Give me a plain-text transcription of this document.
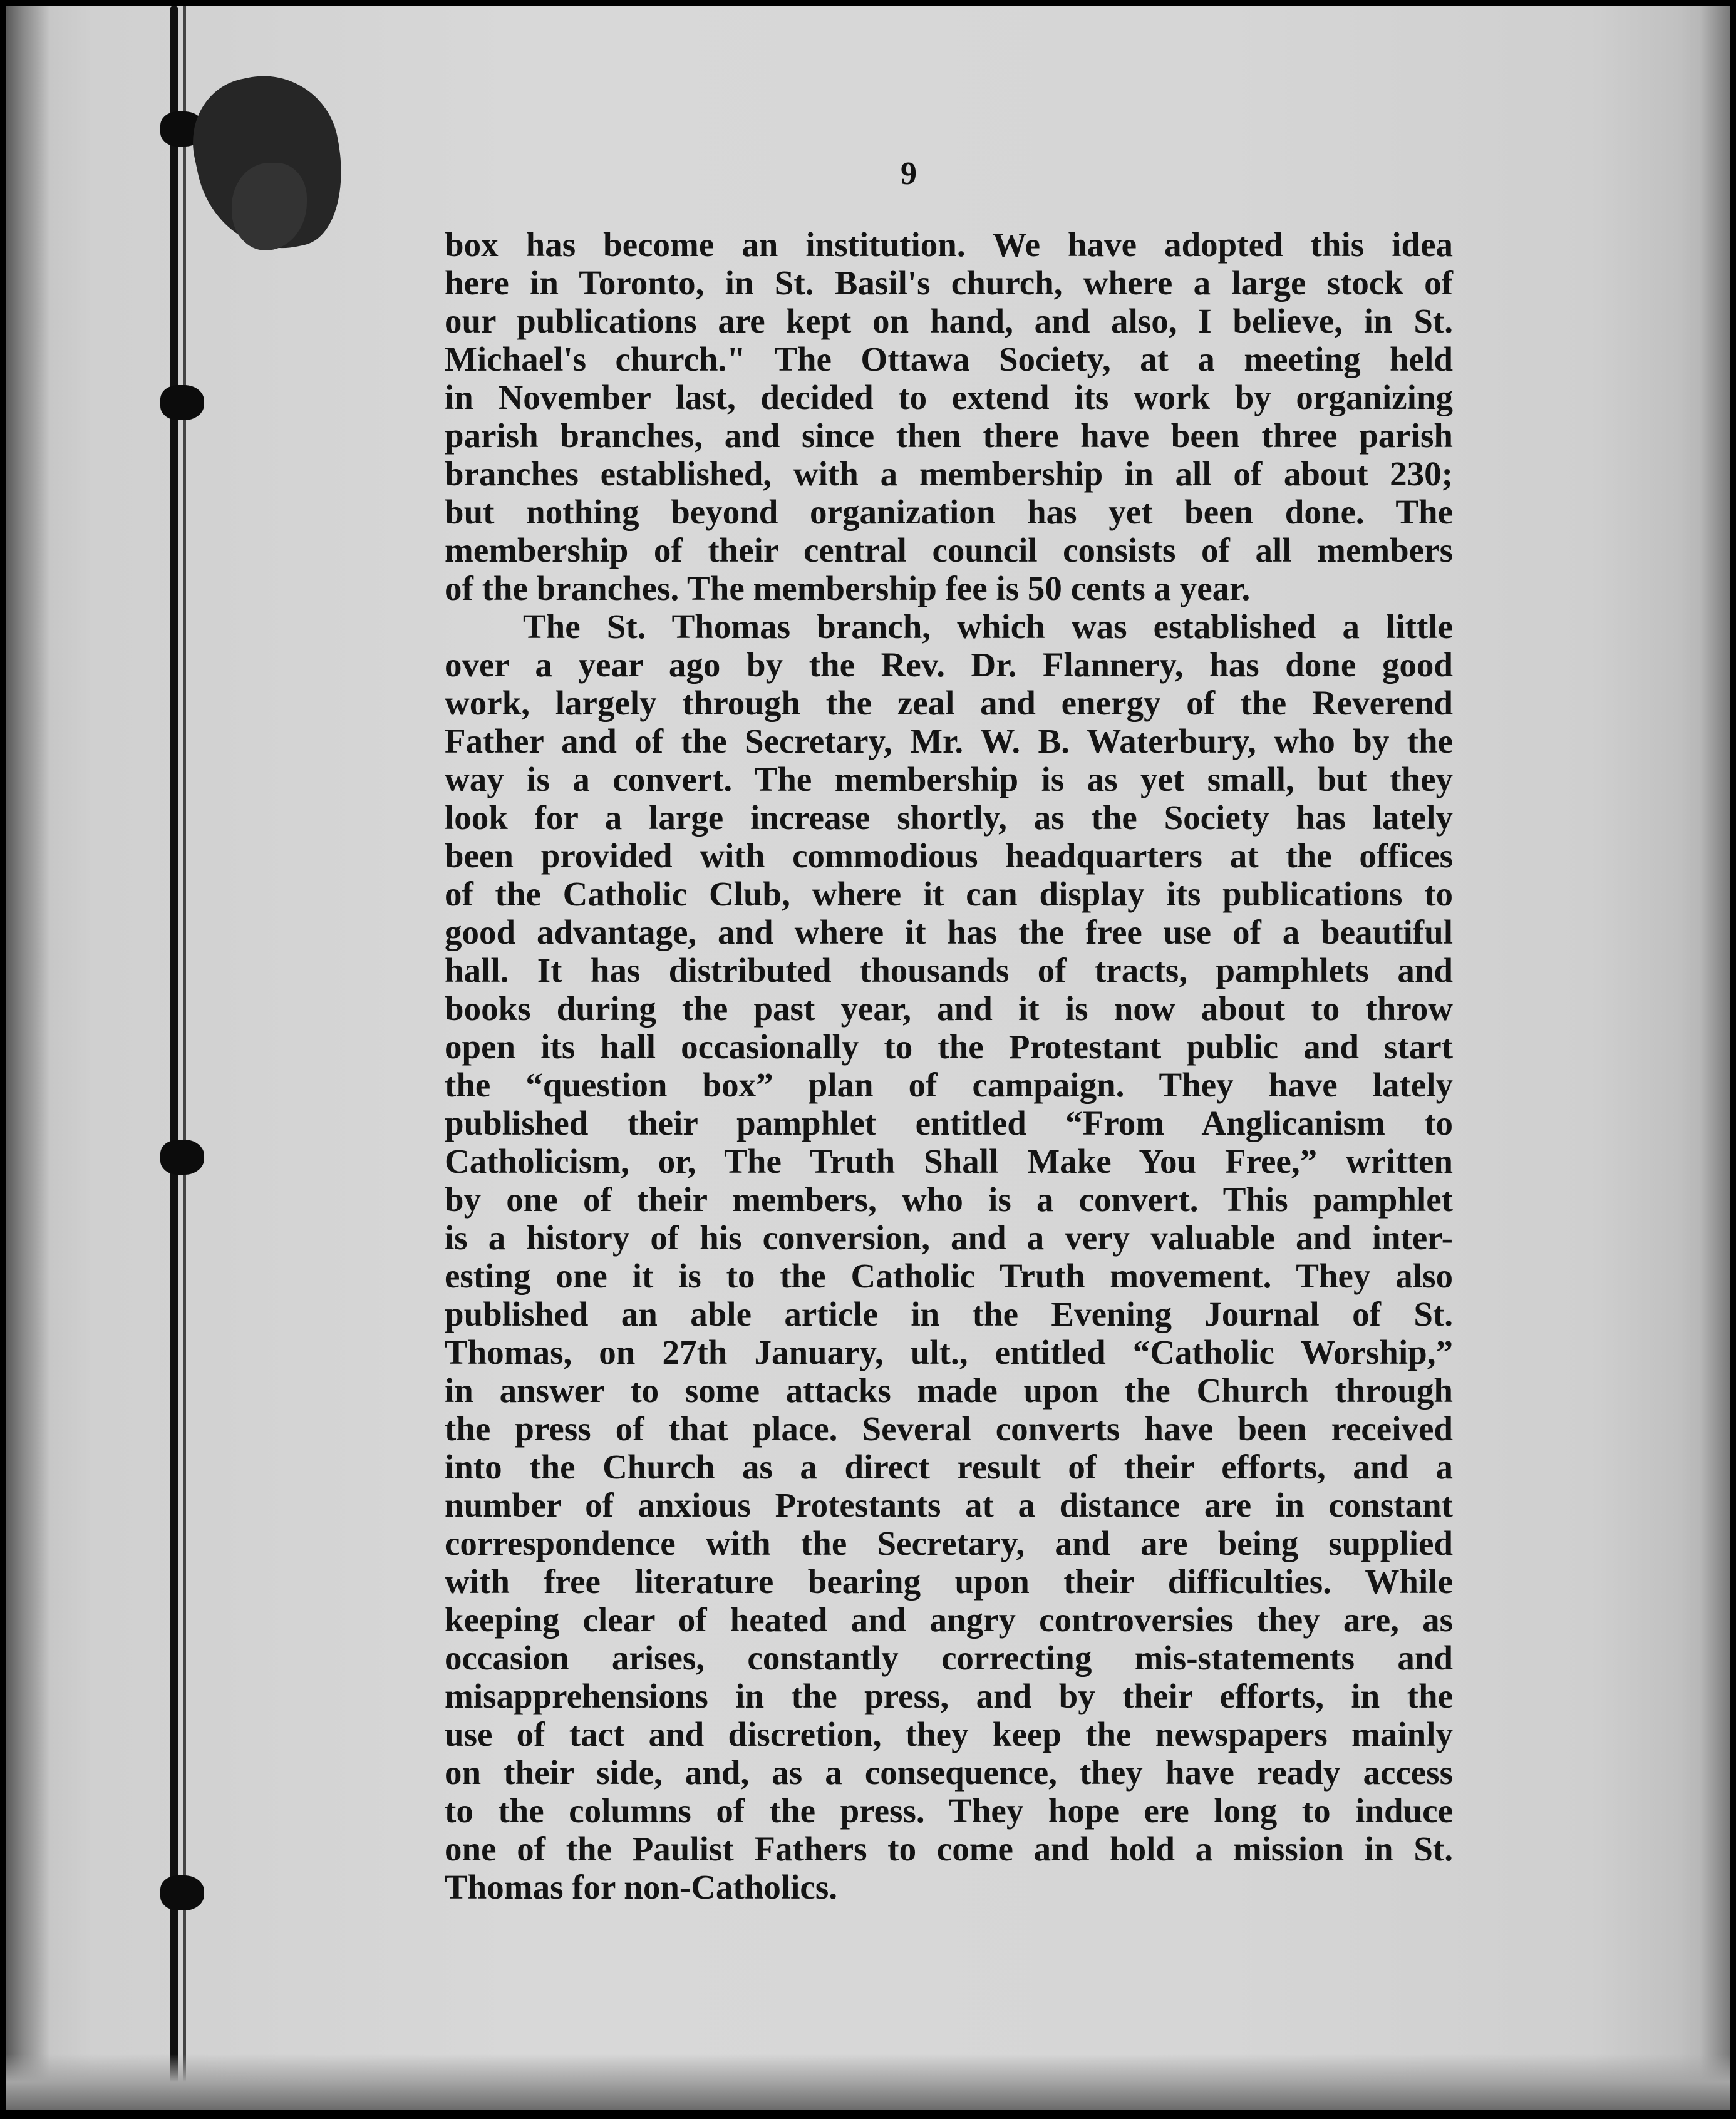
9
box has become an institution. We have adopted this idea
here in Toronto, in St. Basil's church, where a large stock of
our publications are kept on hand, and also, I believe, in St.
Michael's church." The Ottawa Society, at a meeting held
in November last, decided to extend its work by organizing
parish branches, and since then there have been three parish
branches established, with a membership in all of about 230;
but nothing beyond organization has yet been done. The
membership of their central council consists of all members
of the branches. The membership fee is 50 cents a year.
The St. Thomas branch, which was established a little
over a year ago by the Rev. Dr. Flannery, has done good
work, largely through the zeal and energy of the Reverend
Father and of the Secretary, Mr. W. B. Waterbury, who by the
way is a convert. The membership is as yet small, but they
look for a large increase shortly, as the Society has lately
been provided with commodious headquarters at the offices
of the Catholic Club, where it can display its publications to
good advantage, and where it has the free use of a beautiful
hall. It has distributed thousands of tracts, pamphlets and
books during the past year, and it is now about to throw
open its hall occasionally to the Protestant public and start
the “question box” plan of campaign. They have lately
published their pamphlet entitled “From Anglicanism to
Catholicism, or, The Truth Shall Make You Free,” written
by one of their members, who is a convert. This pamphlet
is a history of his conversion, and a very valuable and inter-
esting one it is to the Catholic Truth movement. They also
published an able article in the Evening Journal of St.
Thomas, on 27th January, ult., entitled “Catholic Worship,”
in answer to some attacks made upon the Church through
the press of that place. Several converts have been received
into the Church as a direct result of their efforts, and a
number of anxious Protestants at a distance are in constant
correspondence with the Secretary, and are being supplied
with free literature bearing upon their difficulties. While
keeping clear of heated and angry controversies they are, as
occasion arises, constantly correcting mis-statements and
misapprehensions in the press, and by their efforts, in the
use of tact and discretion, they keep the newspapers mainly
on their side, and, as a consequence, they have ready access
to the columns of the press. They hope ere long to induce
one of the Paulist Fathers to come and hold a mission in St.
Thomas for non-Catholics.
